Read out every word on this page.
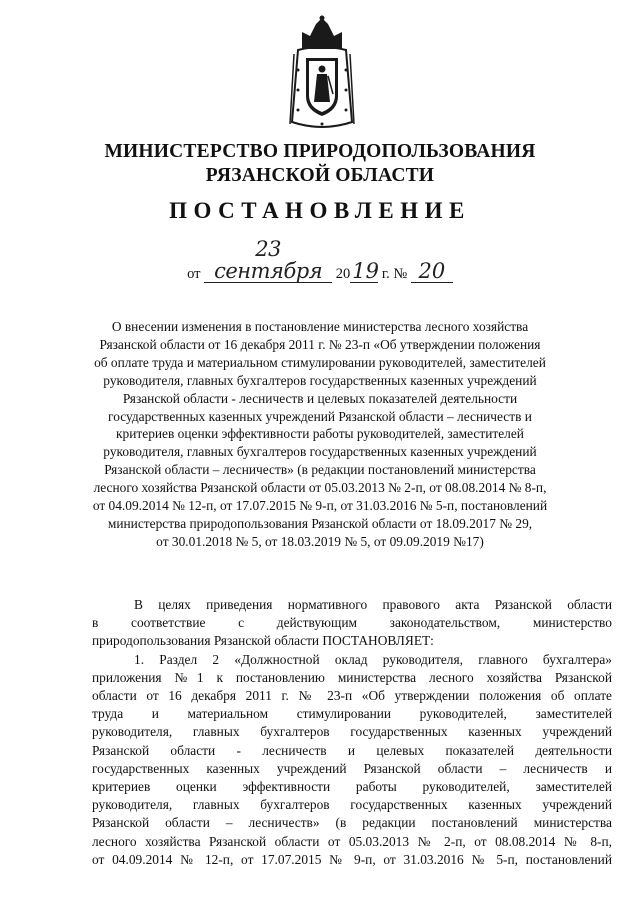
МИНИСТЕРСТВО ПРИРОДОПОЛЬЗОВАНИЯ
РЯЗАНСКОЙ ОБЛАСТИ
ПОСТАНОВЛЕНИЕ
от 23 сентября 2019 г. № 20
О внесении изменения в постановление министерства лесного хозяйства
Рязанской области от 16 декабря 2011 г. № 23-п «Об утверждении положения
об оплате труда и материальном стимулировании руководителей, заместителей
руководителя, главных бухгалтеров государственных казенных учреждений
Рязанской области - лесничеств и целевых показателей деятельности
государственных казенных учреждений Рязанской области – лесничеств и
критериев оценки эффективности работы руководителей, заместителей
руководителя, главных бухгалтеров государственных казенных учреждений
Рязанской области – лесничеств» (в редакции постановлений министерства
лесного хозяйства Рязанской области от 05.03.2013 № 2-п, от 08.08.2014 № 8-п,
от 04.09.2014 № 12-п, от 17.07.2015 № 9-п, от 31.03.2016 № 5-п, постановлений
министерства природопользования Рязанской области от 18.09.2017 № 29,
от 30.01.2018 № 5, от 18.03.2019 № 5, от 09.09.2019 №17)
В целях приведения нормативного правового акта Рязанской области
в соответствие с действующим законодательством, министерство
природопользования Рязанской области ПОСТАНОВЛЯЕТ:
1. Раздел 2 «Должностной оклад руководителя, главного бухгалтера»
приложения №1 к постановлению министерства лесного хозяйства Рязанской
области от 16 декабря 2011 г. № 23-п «Об утверждении положения об оплате
труда и материальном стимулировании руководителей, заместителей
руководителя, главных бухгалтеров государственных казенных учреждений
Рязанской области - лесничеств и целевых показателей деятельности
государственных казенных учреждений Рязанской области – лесничеств и
критериев оценки эффективности работы руководителей, заместителей
руководителя, главных бухгалтеров государственных казенных учреждений
Рязанской области – лесничеств» (в редакции постановлений министерства
лесного хозяйства Рязанской области от 05.03.2013 № 2-п, от 08.08.2014 № 8-п,
от 04.09.2014 № 12-п, от 17.07.2015 № 9-п, от 31.03.2016 № 5-п, постановлений
